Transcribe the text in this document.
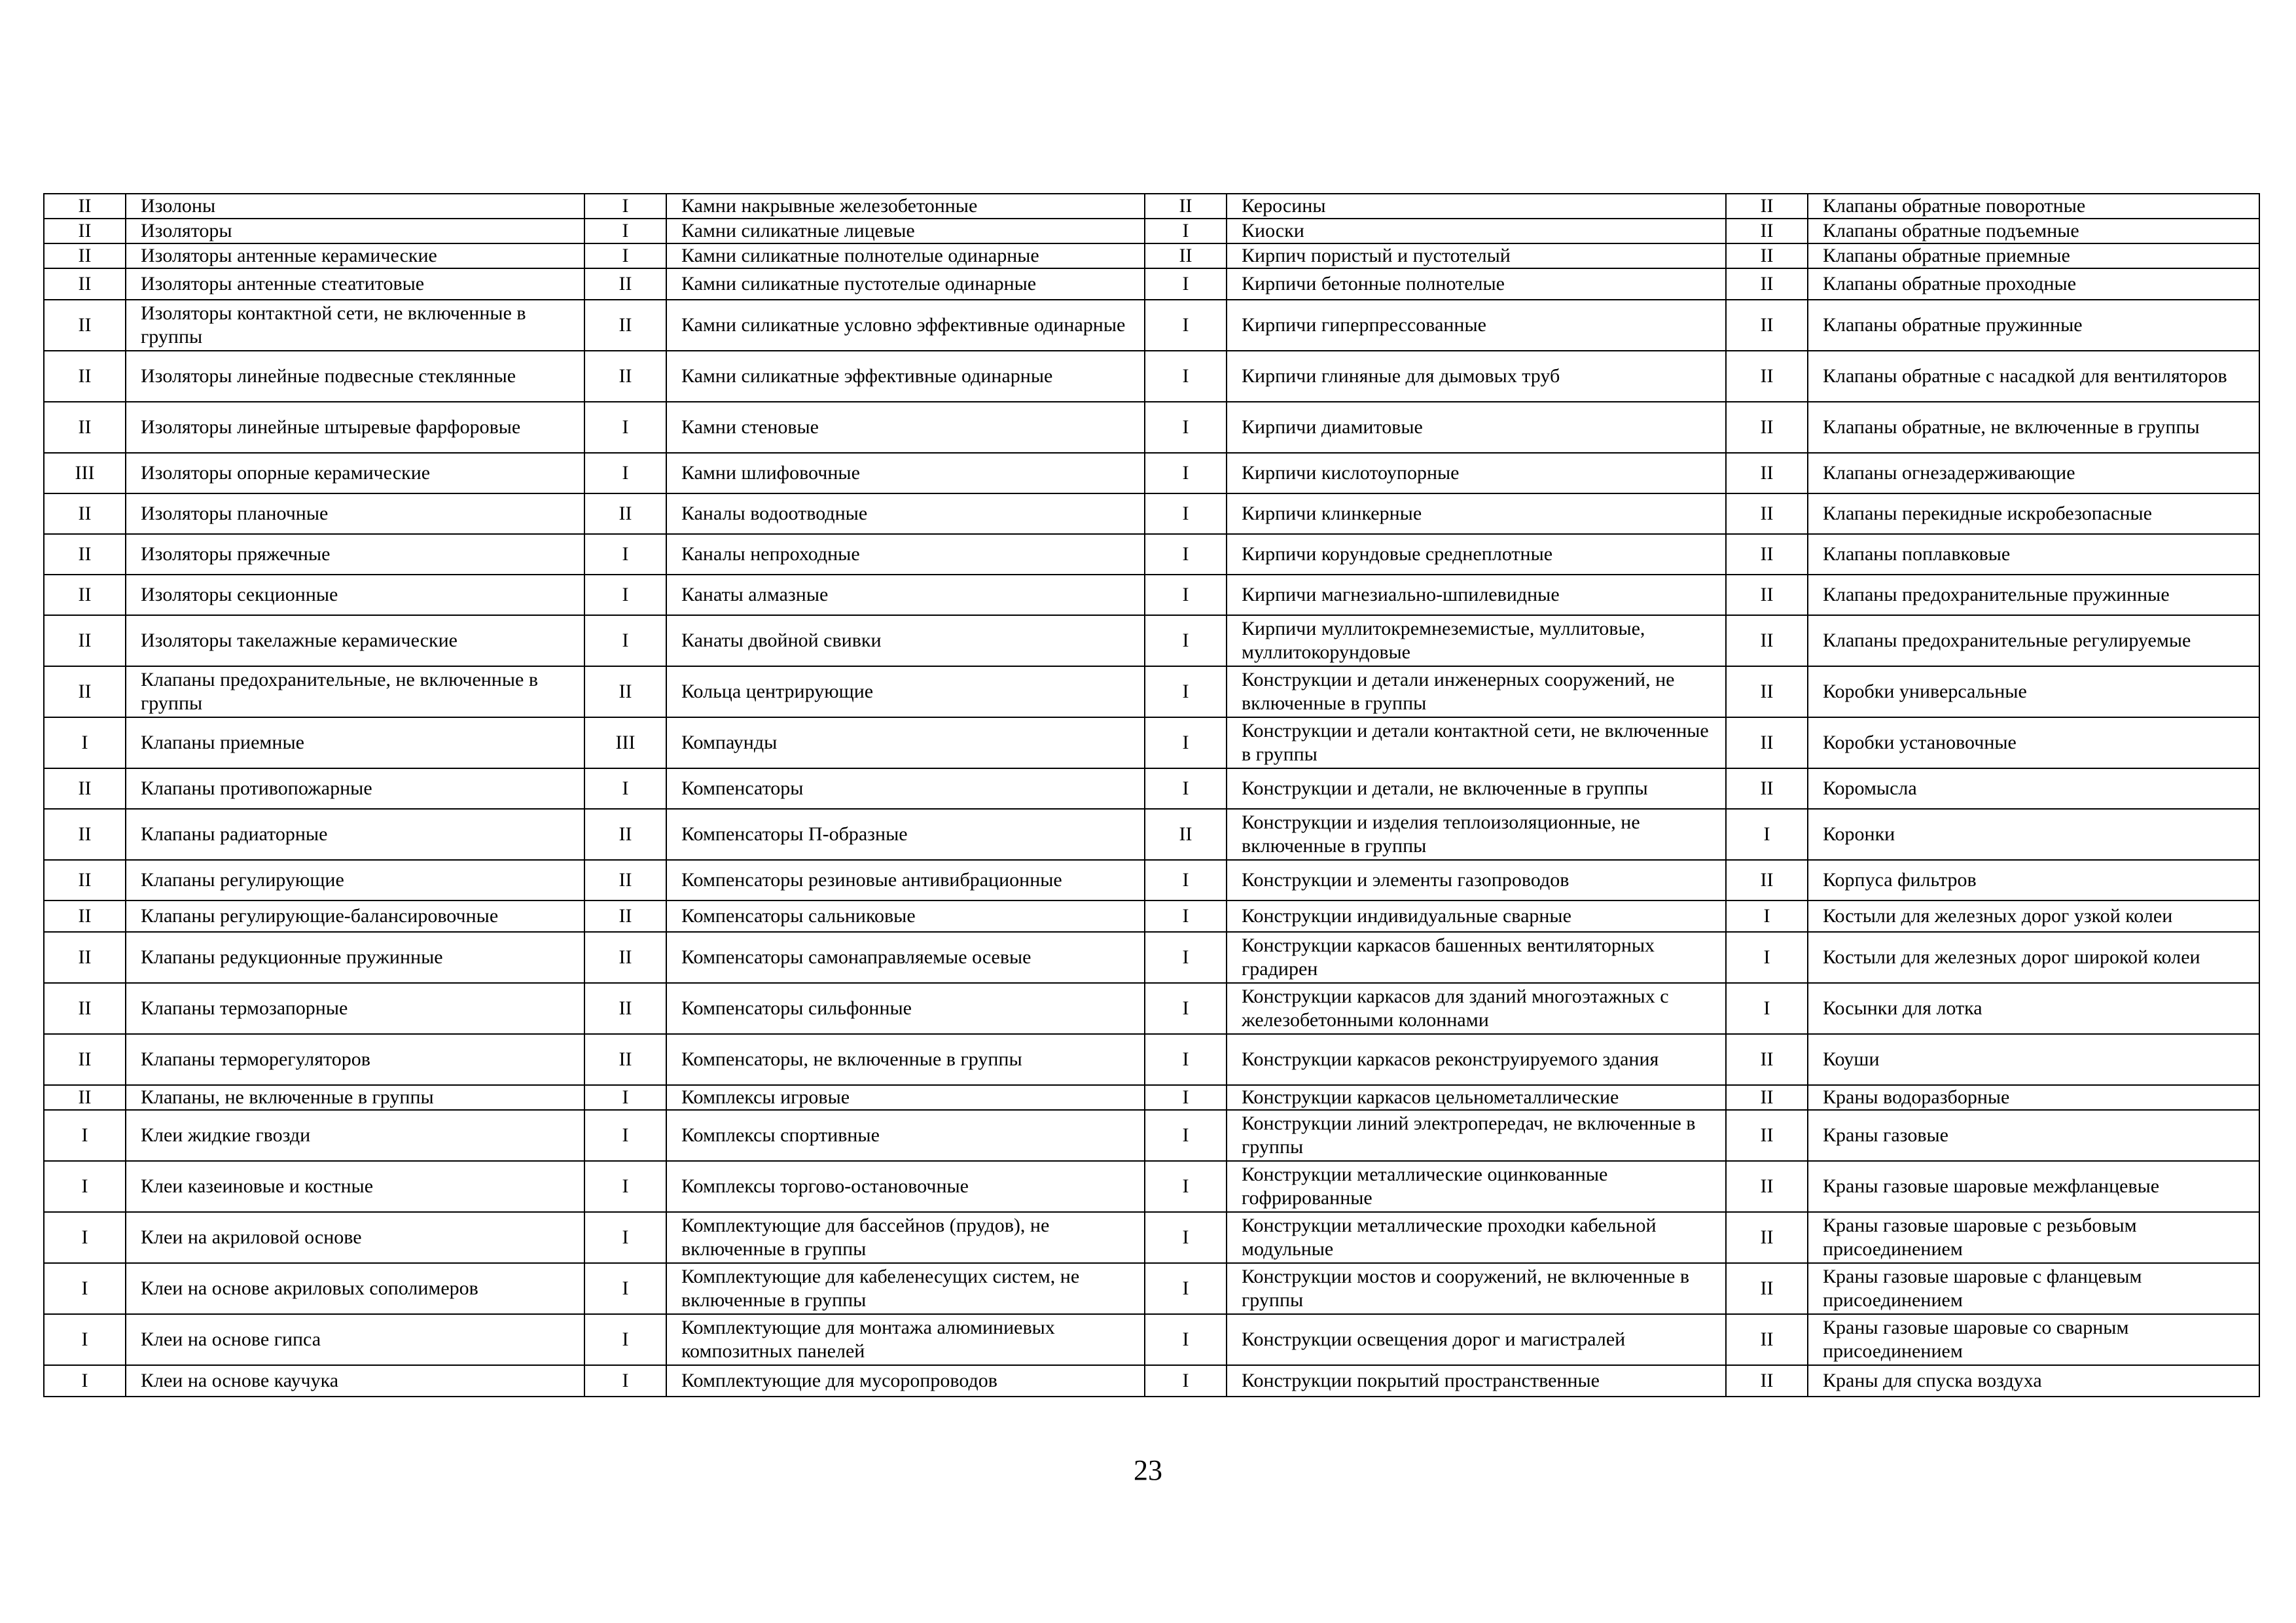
II	Изолоны	I	Камни накрывные железобетонные	II	Керосины	II	Клапаны обратные поворотные
II	Изоляторы	I	Камни силикатные лицевые	I	Киоски	II	Клапаны обратные подъемные
II	Изоляторы антенные керамические	I	Камни силикатные полнотелые одинарные	II	Кирпич пористый и пустотелый	II	Клапаны обратные приемные
II	Изоляторы антенные стеатитовые	II	Камни силикатные пустотелые одинарные	I	Кирпичи бетонные полнотелые	II	Клапаны обратные проходные
II	Изоляторы контактной сети, не включенные в группы	II	Камни силикатные условно эффективные одинарные	I	Кирпичи гиперпрессованные	II	Клапаны обратные пружинные
II	Изоляторы линейные подвесные стеклянные	II	Камни силикатные эффективные одинарные	I	Кирпичи глиняные для дымовых труб	II	Клапаны обратные с насадкой для вентиляторов
II	Изоляторы линейные штыревые фарфоровые	I	Камни стеновые	I	Кирпичи диамитовые	II	Клапаны обратные, не включенные в группы
III	Изоляторы опорные керамические	I	Камни шлифовочные	I	Кирпичи кислотоупорные	II	Клапаны огнезадерживающие
II	Изоляторы планочные	II	Каналы водоотводные	I	Кирпичи клинкерные	II	Клапаны перекидные искробезопасные
II	Изоляторы пряжечные	I	Каналы непроходные	I	Кирпичи корундовые среднеплотные	II	Клапаны поплавковые
II	Изоляторы секционные	I	Канаты алмазные	I	Кирпичи магнезиально-шпилевидные	II	Клапаны предохранительные пружинные
II	Изоляторы такелажные керамические	I	Канаты двойной свивки	I	Кирпичи муллитокремнеземистые, муллитовые, муллитокорундовые	II	Клапаны предохранительные регулируемые
II	Клапаны предохранительные, не включенные в группы	II	Кольца центрирующие	I	Конструкции и детали инженерных сооружений, не включенные в группы	II	Коробки универсальные
I	Клапаны приемные	III	Компаунды	I	Конструкции и детали контактной сети, не включенные в группы	II	Коробки установочные
II	Клапаны противопожарные	I	Компенсаторы	I	Конструкции и детали, не включенные в группы	II	Коромысла
II	Клапаны радиаторные	II	Компенсаторы П-образные	II	Конструкции и изделия теплоизоляционные, не включенные в группы	I	Коронки
II	Клапаны регулирующие	II	Компенсаторы резиновые антивибрационные	I	Конструкции и элементы газопроводов	II	Корпуса фильтров
II	Клапаны регулирующие-балансировочные	II	Компенсаторы сальниковые	I	Конструкции индивидуальные сварные	I	Костыли для железных дорог узкой колеи
II	Клапаны редукционные пружинные	II	Компенсаторы самонаправляемые осевые	I	Конструкции каркасов башенных вентиляторных градирен	I	Костыли для железных дорог широкой колеи
II	Клапаны термозапорные	II	Компенсаторы сильфонные	I	Конструкции каркасов для зданий многоэтажных с железобетонными колоннами	I	Косынки для лотка
II	Клапаны терморегуляторов	II	Компенсаторы, не включенные в группы	I	Конструкции каркасов реконструируемого здания	II	Коуши
II	Клапаны, не включенные в группы	I	Комплексы игровые	I	Конструкции каркасов цельнометаллические	II	Краны водоразборные
I	Клеи жидкие гвозди	I	Комплексы спортивные	I	Конструкции линий электропередач, не включенные в группы	II	Краны газовые
I	Клеи казеиновые и костные	I	Комплексы торгово-остановочные	I	Конструкции металлические оцинкованные гофрированные	II	Краны газовые шаровые межфланцевые
I	Клеи на акриловой основе	I	Комплектующие для бассейнов (прудов), не включенные в группы	I	Конструкции металлические проходки кабельной модульные	II	Краны газовые шаровые с резьбовым присоединением
I	Клеи на основе акриловых сополимеров	I	Комплектующие для кабеленесущих систем, не включенные в группы	I	Конструкции мостов и сооружений, не включенные в группы	II	Краны газовые шаровые с фланцевым присоединением
I	Клеи на основе гипса	I	Комплектующие для монтажа алюминиевых композитных панелей	I	Конструкции освещения дорог и магистралей	II	Краны газовые шаровые со сварным присоединением
I	Клеи на основе каучука	I	Комплектующие для мусоропроводов	I	Конструкции покрытий пространственные	II	Краны для спуска воздуха
23
